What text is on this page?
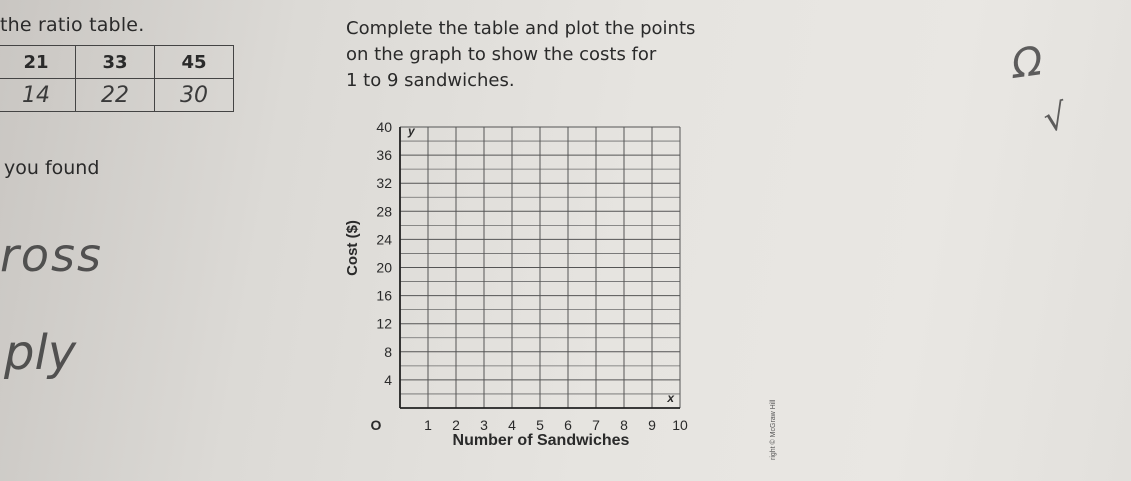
the ratio table.	Complete the table and plot the points
on the graph to show the costs for
1 to 9 sandwiches.
21	33	45
14	22	30
you found
ross
ply
Ω
√
right © McGraw Hill
Cost ($)
Number of Sandwiches
4
8
12
16
20
24
28
32
36
40
1 2 3 4 5 6 7 8 9 10
O
y
x
